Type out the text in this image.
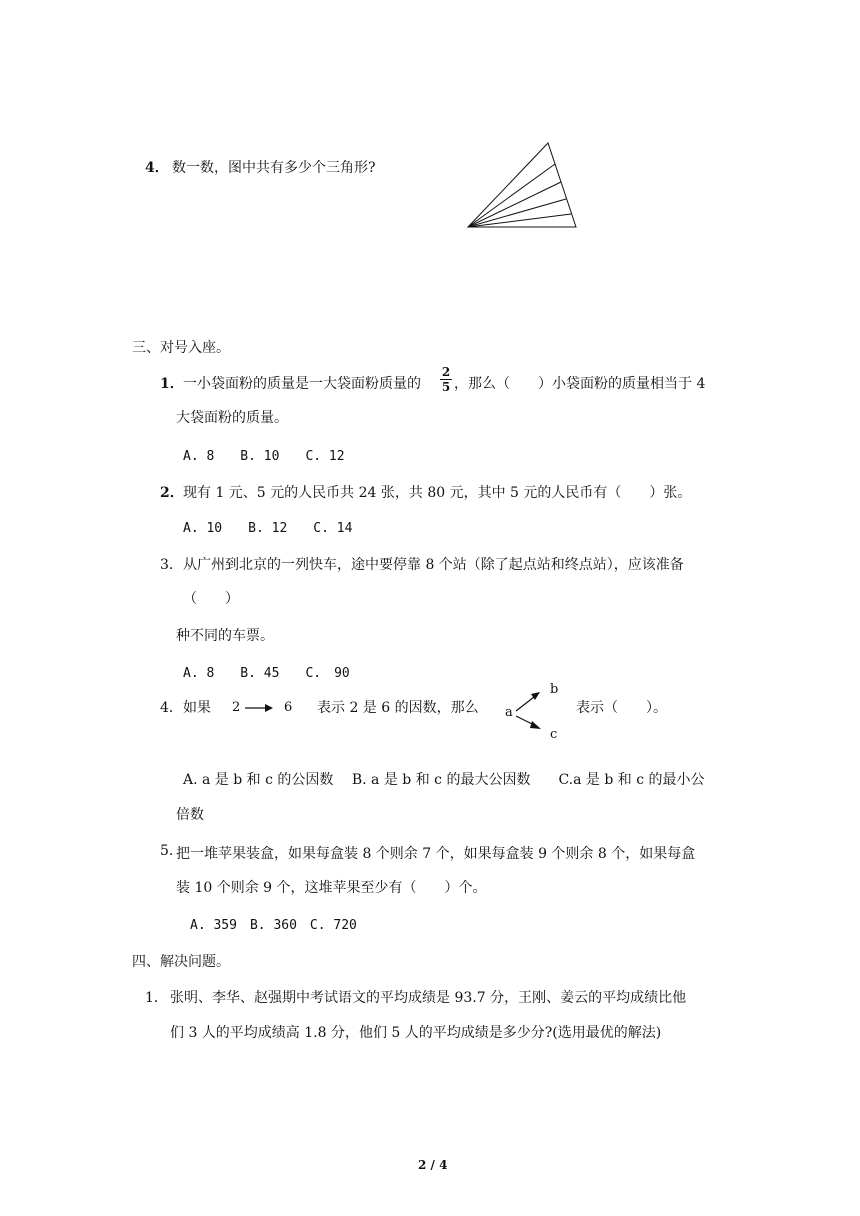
4． 数一数，图中共有多少个三角形?
三、对号入座。
1． 一小袋面粉的质量是一大袋面粉质量的
2
5 ，那么（　　）小袋面粉的质量相当于 4
大袋面粉的质量。
A. 8　　B. 10　　C. 12
2． 现有 1 元、5 元的人民币共 24 张，共 80 元，其中 5 元的人民币有（　　）张。
A. 10　　B. 12　　C. 14
3． 从广州到北京的一列快车，途中要停靠 8 个站（除了起点站和终点站），应该准备
（　　）
种不同的车票。
A. 8　　B. 45　　C.　90
4． 如果 2	6 表示 2 是 6 的因数，那么
b
a
c
表示（　　）。
A. a 是 b 和 c 的公因数　 B. a 是 b 和 c 的最大公因数　　C.a 是 b 和 c 的最小公
倍数
5. 把一堆苹果装盒，如果每盒装 8 个则余 7 个，如果每盒装 9 个则余 8 个，如果每盒
装 10 个则余 9 个，这堆苹果至少有（　　）个。
A. 359　B. 360　C. 720
四、解决问题。
1． 张明、李华、赵强期中考试语文的平均成绩是 93.7 分，王刚、姜云的平均成绩比他
们 3 人的平均成绩高 1.8 分，他们 5 人的平均成绩是多少分?(选用最优的解法)
2 / 4
